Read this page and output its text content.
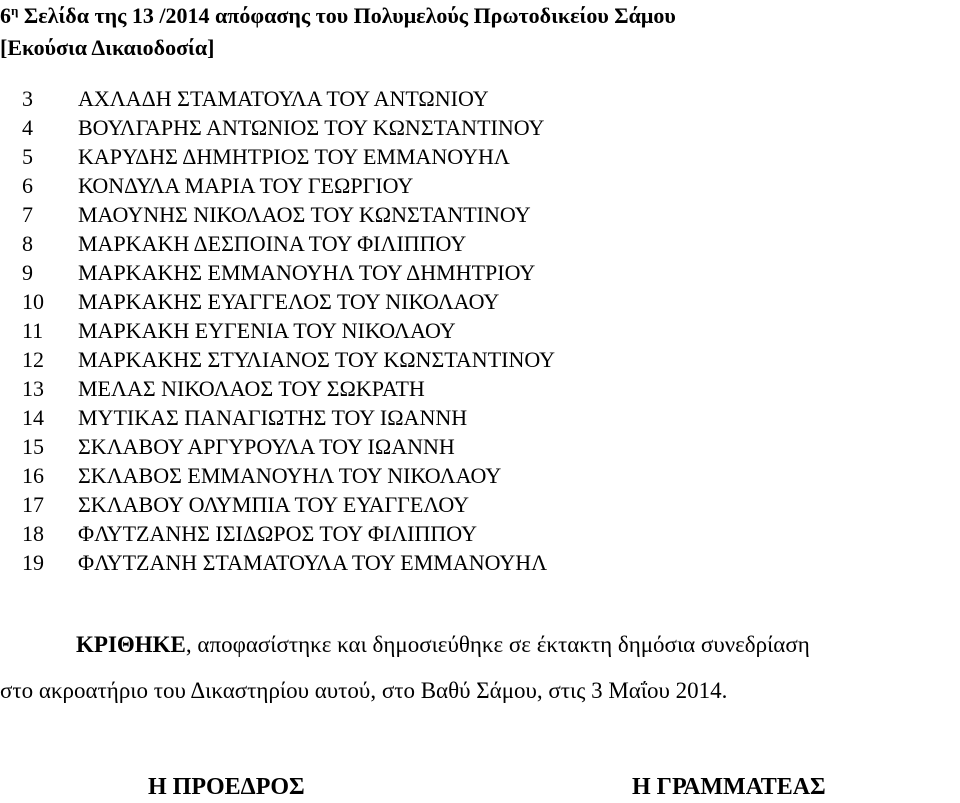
$6^\eta$ Σελίδα της 13 /2014 απόφασης του Πολυμελούς Πρωτοδικείου Σάμου
[Εκούσια Δικαιοδοσία]
3 ΑΧΛΑΔΗ ΣΤΑΜΑΤΟΥΛΑ ΤΟΥ ΑΝΤΩΝΙΟΥ
4 ΒΟΥΛΓΑΡΗΣ ΑΝΤΩΝΙΟΣ ΤΟΥ ΚΩΝΣΤΑΝΤΙΝΟΥ
5 ΚΑΡΥΔΗΣ ΔΗΜΗΤΡΙΟΣ ΤΟΥ ΕΜΜΑΝΟΥΗΛ
6 ΚΟΝΔΥΛΑ ΜΑΡΙΑ ΤΟΥ ΓΕΩΡΓΙΟΥ
7 ΜΑΟΥΝΗΣ ΝΙΚΟΛΑΟΣ ΤΟΥ ΚΩΝΣΤΑΝΤΙΝΟΥ
8 ΜΑΡΚΑΚΗ ΔΕΣΠΟΙΝΑ ΤΟΥ ΦΙΛΙΠΠΟΥ
9 ΜΑΡΚΑΚΗΣ ΕΜΜΑΝΟΥΗΛ ΤΟΥ ΔΗΜΗΤΡΙΟΥ
10 ΜΑΡΚΑΚΗΣ ΕΥΑΓΓΕΛΟΣ ΤΟΥ ΝΙΚΟΛΑΟΥ
11 ΜΑΡΚΑΚΗ ΕΥΓΕΝΙΑ ΤΟΥ ΝΙΚΟΛΑΟΥ
12 ΜΑΡΚΑΚΗΣ ΣΤΥΛΙΑΝΟΣ ΤΟΥ ΚΩΝΣΤΑΝΤΙΝΟΥ
13 ΜΕΛΑΣ ΝΙΚΟΛΑΟΣ ΤΟΥ ΣΩΚΡΑΤΗ
14 ΜΥΤΙΚΑΣ ΠΑΝΑΓΙΩΤΗΣ ΤΟΥ ΙΩΑΝΝΗ
15 ΣΚΛΑΒΟΥ ΑΡΓΥΡΟΥΛΑ ΤΟΥ ΙΩΑΝΝΗ
16 ΣΚΛΑΒΟΣ ΕΜΜΑΝΟΥΗΛ ΤΟΥ ΝΙΚΟΛΑΟΥ
17 ΣΚΛΑΒΟΥ ΟΛΥΜΠΙΑ ΤΟΥ ΕΥΑΓΓΕΛΟΥ
18 ΦΛΥΤΖΑΝΗΣ ΙΣΙΔΩΡΟΣ ΤΟΥ ΦΙΛΙΠΠΟΥ
19 ΦΛΥΤΖΑΝΗ ΣΤΑΜΑΤΟΥΛΑ ΤΟΥ ΕΜΜΑΝΟΥΗΛ
ΚΡΙΘΗΚΕ, αποφασίστηκε και δημοσιεύθηκε σε έκτακτη δημόσια συνεδρίαση
στο ακροατήριο του Δικαστηρίου αυτού, στο Βαθύ Σάμου, στις 3 Μαΐου 2014.
Η ΠΡΟΕΔΡΟΣ	Η ΓΡΑΜΜΑΤΕΑΣ
